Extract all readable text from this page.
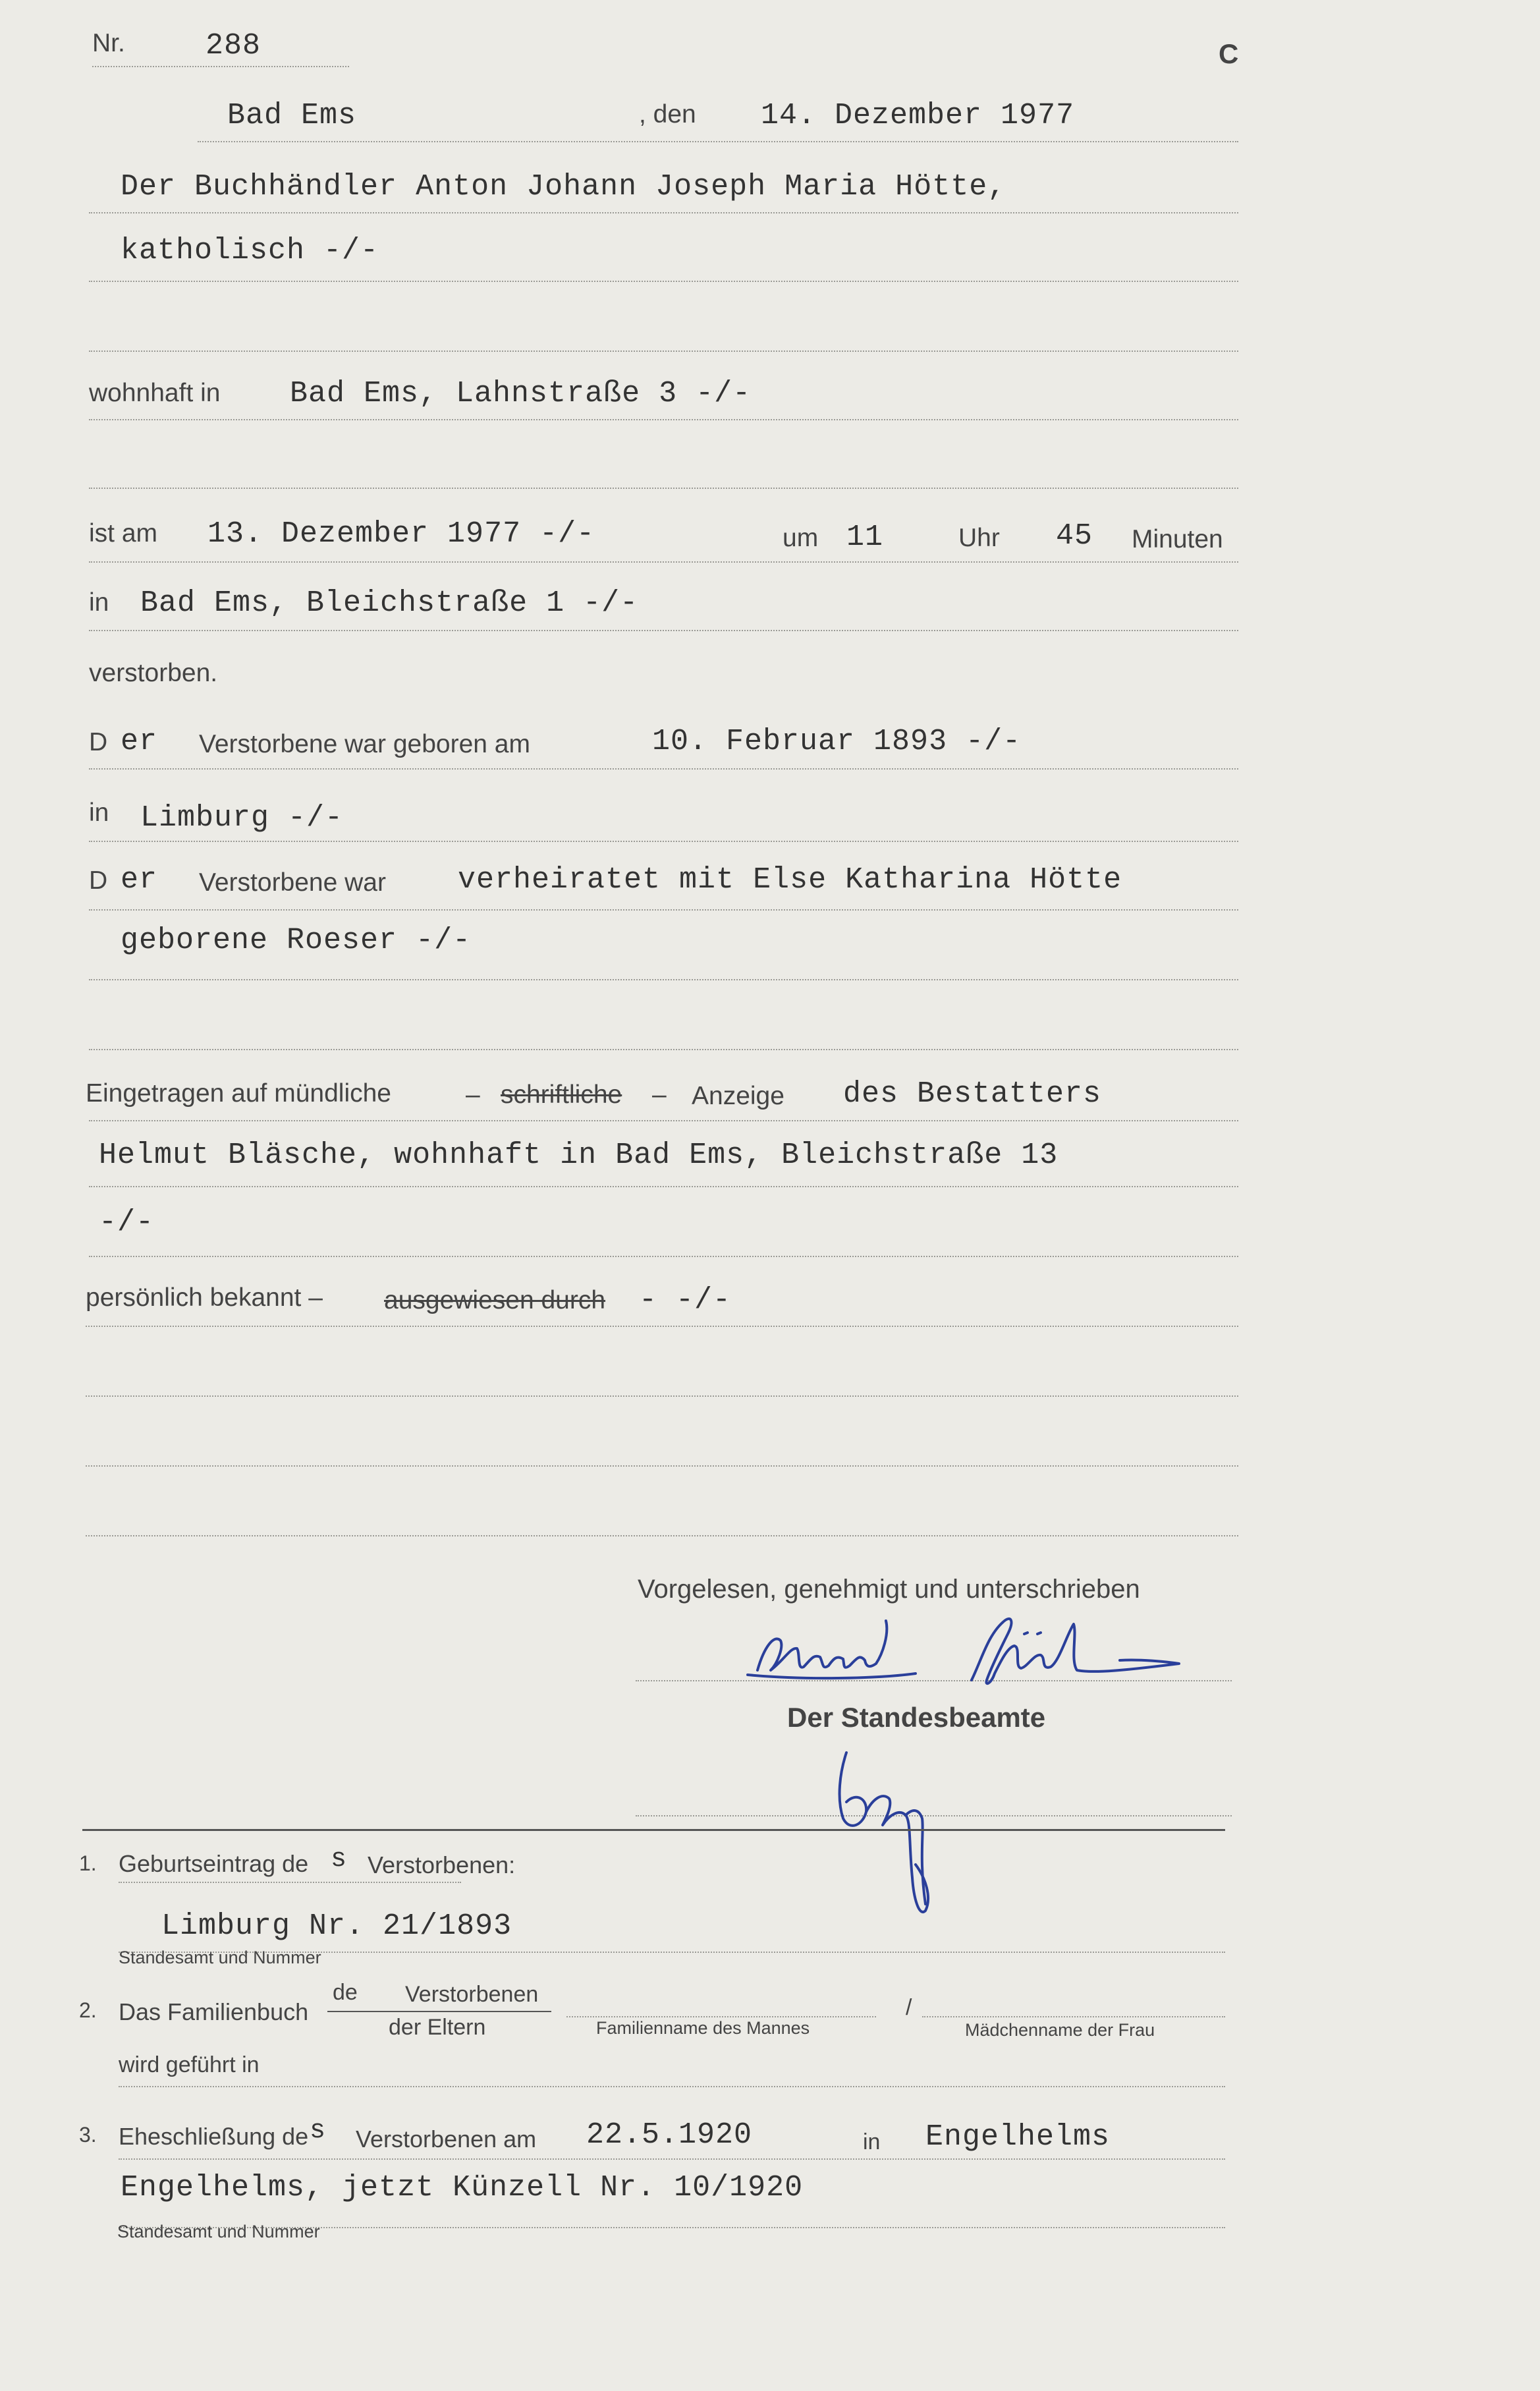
Nr.	288	C
Bad Ems	, den 14. Dezember 1977
Der Buchhändler Anton Johann Joseph Maria Hötte,
katholisch -/-
wohnhaft in Bad Ems, Lahnstraße 3 -/-
ist am 13. Dezember 1977 -/-	um 11	Uhr 45 Minuten
in Bad Ems, Bleichstraße 1 -/-
verstorben.
D er Verstorbene war geboren am	10. Februar 1893 -/-
in Limburg -/-
D er Verstorbene war verheiratet mit Else Katharina Hötte
geborene Roeser -/-
Eingetragen auf mündliche	– schriftliche – Anzeige des Bestatters
Helmut Bläsche, wohnhaft in Bad Ems, Bleichstraße 13
-/-
persönlich bekannt – ausgewiesen durch - -/-
Vorgelesen, genehmigt und unterschrieben
Der Standesbeamte
1. Geburtseintrag de s Verstorbenen:
Limburg Nr. 21/1893
Standesamt und Nummer
2. Das Familienbuch
de Verstorbenen
der Eltern
/
Familienname des Mannes	Mädchenname der Frau
wird geführt in
3. Eheschließung de s Verstorbenen am 22.5.1920	in Engelhelms
Engelhelms, jetzt Künzell Nr. 10/1920
Standesamt und Nummer
